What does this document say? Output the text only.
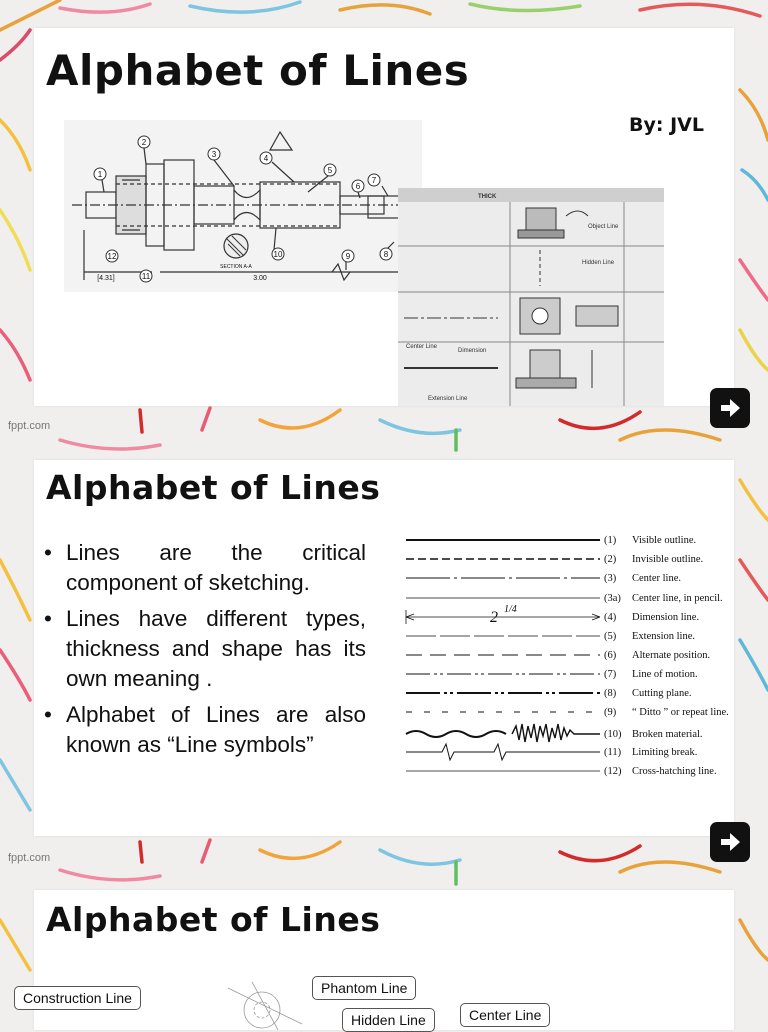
Alphabet of Lines
By: JVL
1
2
3	4
5
6
7
8
9
10
11
12
SECTION A-A
[4.31]	3.00
THICK
Object Line
Hidden Line
Center Line
Dimension
Extension Line
fppt.com
Alphabet of Lines
• Lines are the critical component of sketching.
• Lines have different types, thickness and shape has its own meaning .
• Alphabet of Lines are also known as “Line symbols”
2 1/4
(1) Visible outline.
(2) Invisible outline.
(3) Center line.
(3a) Center line, in pencil.
(4) Dimension line.
(5) Extension line.
(6) Alternate position.
(7) Line of motion.
(8) Cutting plane.
(9) “ Ditto ” or repeat line.
(10) Broken material.
(11) Limiting break.
(12) Cross-hatching line.
fppt.com
Alphabet of Lines
Construction Line
Phantom Line
Hidden Line	Center Line
